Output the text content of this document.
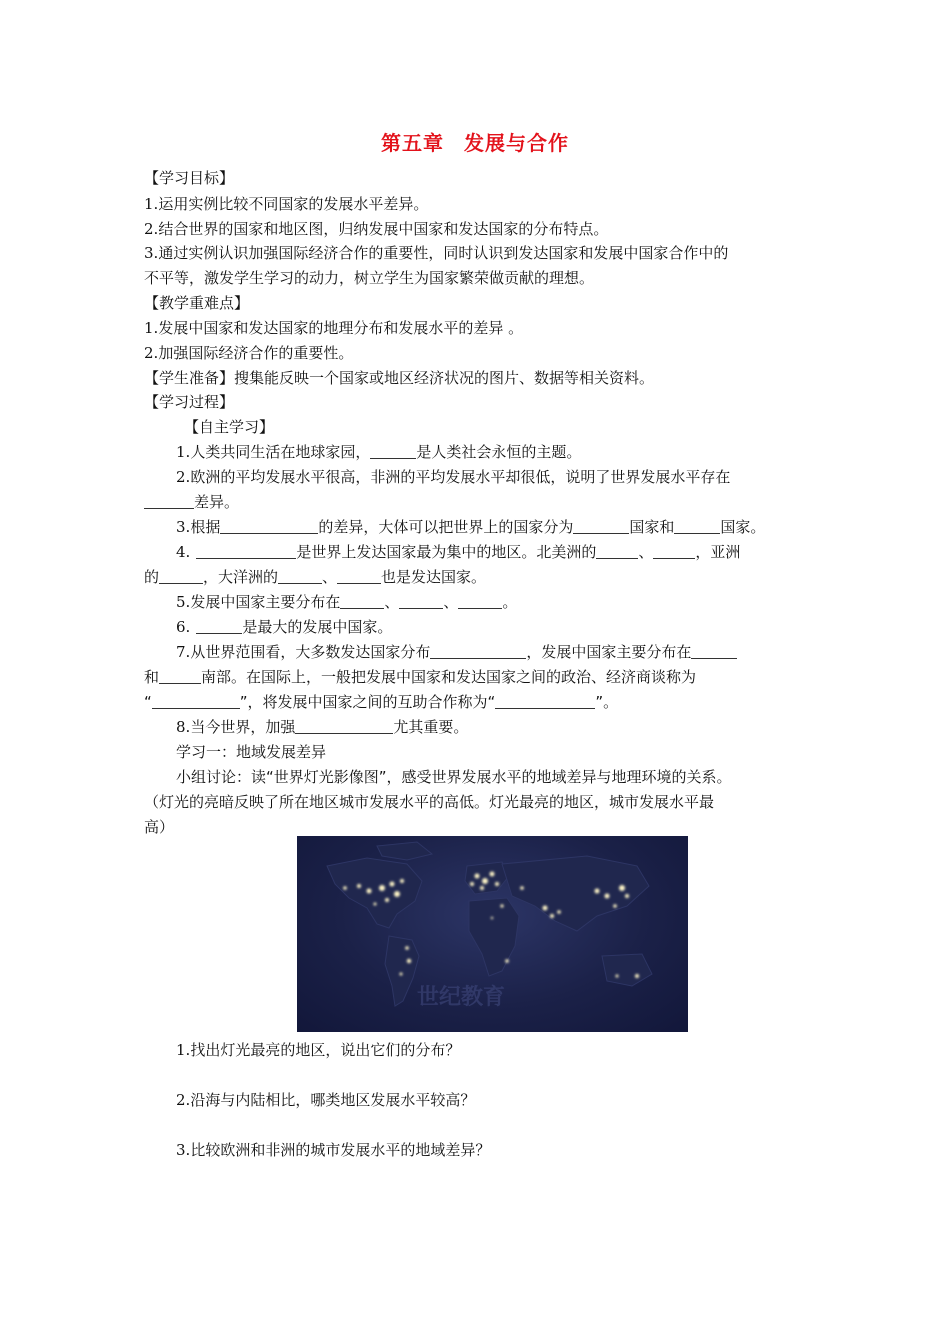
第五章 发展与合作
【学习目标】
1.运用实例比较不同国家的发展水平差异。
2.结合世界的国家和地区图，归纳发展中国家和发达国家的分布特点。
3.通过实例认识加强国际经济合作的重要性，同时认识到发达国家和发展中国家合作中的
不平等，激发学生学习的动力，树立学生为国家繁荣做贡献的理想。
【教学重难点】
1.发展中国家和发达国家的地理分布和发展水平的差异 。
2.加强国际经济合作的重要性。
【学生准备】搜集能反映一个国家或地区经济状况的图片、数据等相关资料。
【学习过程】
【自主学习】
1.人类共同生活在地球家园，	是人类社会永恒的主题。
2.欧洲的平均发展水平很高，非洲的平均发展水平却很低，说明了世界发展水平存在
差异。
3.根据	的差异，大体可以把世界上的国家分为	国家和	国家。
4.	是世界上发达国家最为集中的地区。北美洲的	、	，亚洲
的	，大洋洲的	、	也是发达国家。
5.发展中国家主要分布在	、	、	。
6.	是最大的发展中国家。
7.从世界范围看，大多数发达国家分布	，发展中国家主要分布在
和	南部。在国际上，一般把发展中国家和发达国家之间的政治、经济商谈称为
“	”，将发展中国家之间的互助合作称为“	”。
8.当今世界，加强	尤其重要。
学习一：地域发展差异
小组讨论：读“世界灯光影像图”，感受世界发展水平的地域差异与地理环境的关系。
（灯光的亮暗反映了所在地区城市发展水平的高低。灯光最亮的地区，城市发展水平最
高）
世纪教育
1.找出灯光最亮的地区，说出它们的分布？
2.沿海与内陆相比，哪类地区发展水平较高？
3.比较欧洲和非洲的城市发展水平的地域差异？
